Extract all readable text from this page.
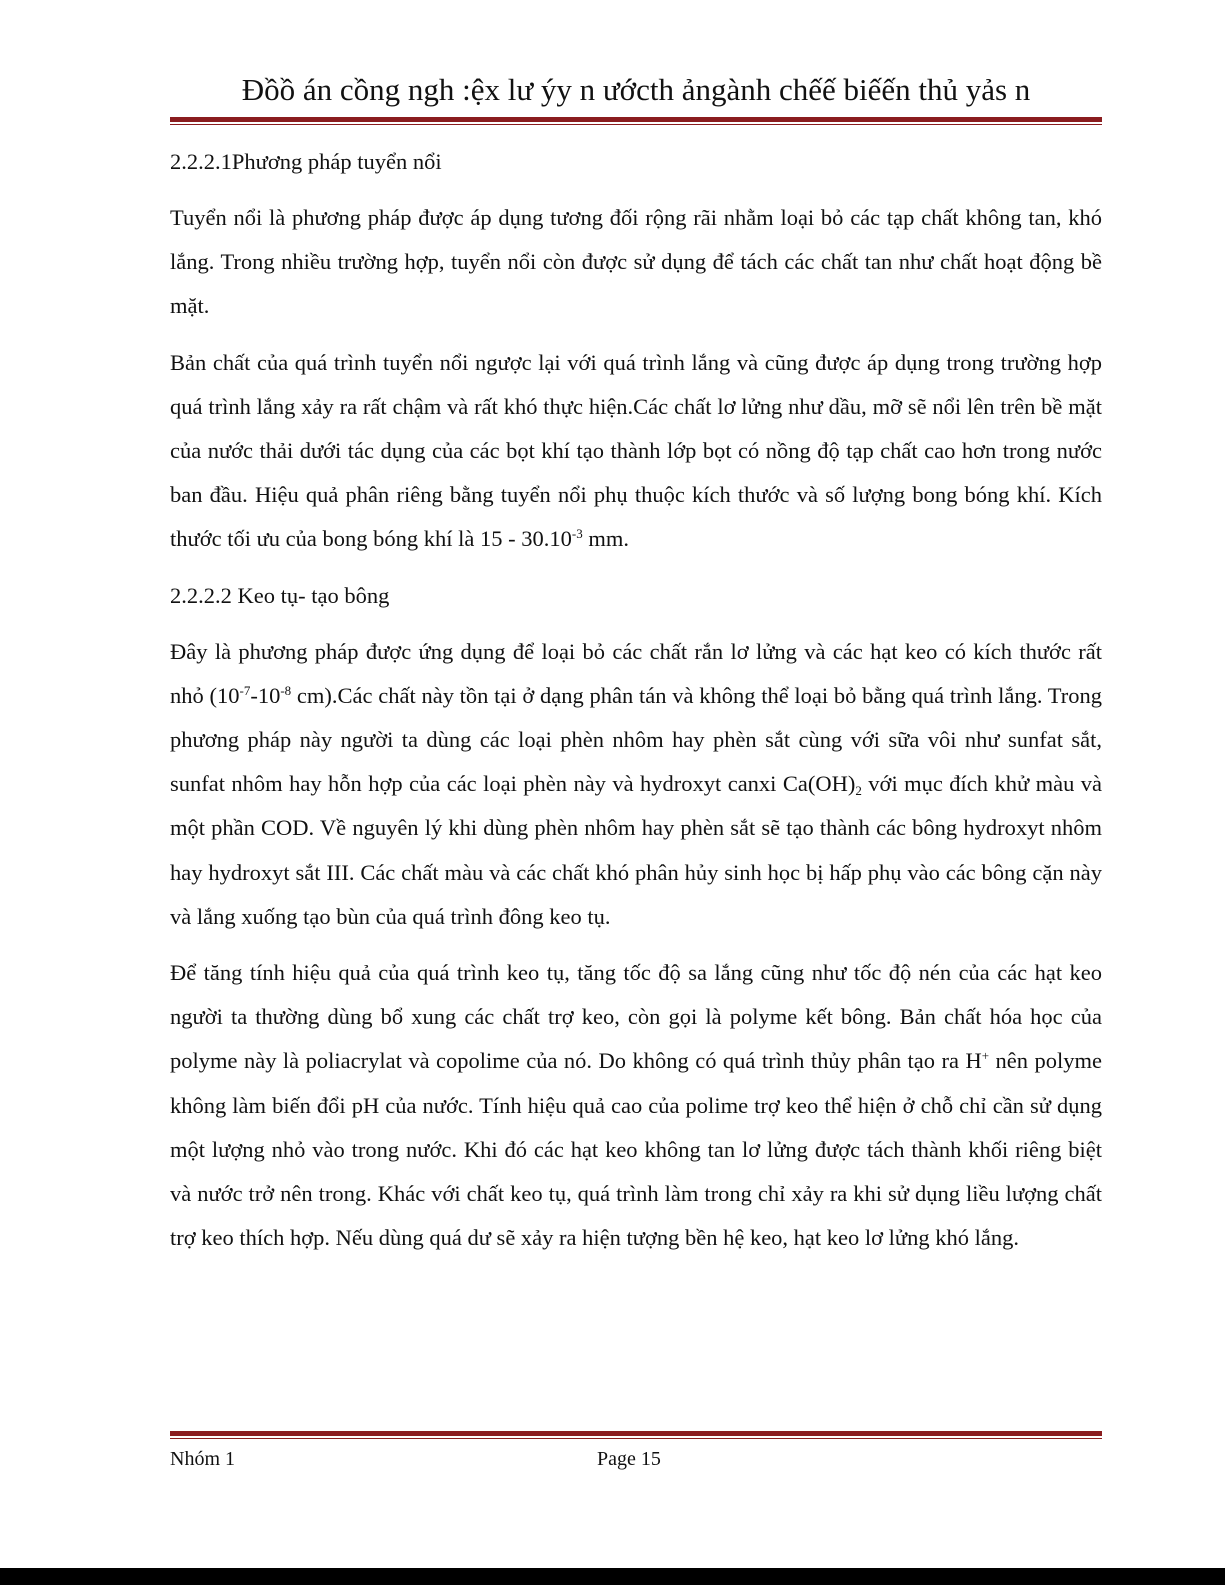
Đồồ án cồng ngh :ệx lư ýy n ướcth ảngành chếế biếến thủ yảs n

2.2.2.1Phương pháp tuyển nổi

Tuyển nổi là phương pháp được áp dụng tương đối rộng rãi nhằm loại bỏ các tạp chất không tan, khó lắng. Trong nhiều trường hợp, tuyển nổi còn được sử dụng để tách các chất tan như chất hoạt động bề mặt.

Bản chất của quá trình tuyển nổi ngược lại với quá trình lắng và cũng được áp dụng trong trường hợp quá trình lắng xảy ra rất chậm và rất khó thực hiện.Các chất lơ lửng như dầu, mỡ sẽ nổi lên trên bề mặt của nước thải dưới tác dụng của các bọt khí tạo thành lớp bọt có nồng độ tạp chất cao hơn trong nước ban đầu. Hiệu quả phân riêng bằng tuyển nổi phụ thuộc kích thước và số lượng bong bóng khí. Kích thước tối ưu của bong bóng khí là $15 - 30.10^{-3}$ mm.

2.2.2.2 Keo tụ- tạo bông

Đây là phương pháp được ứng dụng để loại bỏ các chất rắn lơ lửng và các hạt keo có kích thước rất nhỏ ($10^{-7}-10^{-8}$ cm).Các chất này tồn tại ở dạng phân tán và không thể loại bỏ bằng quá trình lắng. Trong phương pháp này người ta dùng các loại phèn nhôm hay phèn sắt cùng với sữa vôi như sunfat sắt, sunfat nhôm hay hỗn hợp của các loại phèn này và hydroxyt canxi $Ca(OH)_2$ với mục đích khử màu và một phần COD. Về nguyên lý khi dùng phèn nhôm hay phèn sắt sẽ tạo thành các bông hydroxyt nhôm hay hydroxyt sắt III. Các chất màu và các chất khó phân hủy sinh học bị hấp phụ vào các bông cặn này và lắng xuống tạo bùn của quá trình đông keo tụ.

Để tăng tính hiệu quả của quá trình keo tụ, tăng tốc độ sa lắng cũng như tốc độ nén của các hạt keo người ta thường dùng bổ xung các chất trợ keo, còn gọi là polyme kết bông. Bản chất hóa học của polyme này là poliacrylat và copolime của nó. Do không có quá trình thủy phân tạo ra H+ nên polyme không làm biến đổi pH của nước. Tính hiệu quả cao của polime trợ keo thể hiện ở chỗ chỉ cần sử dụng một lượng nhỏ vào trong nước. Khi đó các hạt keo không tan lơ lửng được tách thành khối riêng biệt và nước trở nên trong. Khác với chất keo tụ, quá trình làm trong chỉ xảy ra khi sử dụng liều lượng chất trợ keo thích hợp. Nếu dùng quá dư sẽ xảy ra hiện tượng bền hệ keo, hạt keo lơ lửng khó lắng.

Nhóm 1	Page 15
